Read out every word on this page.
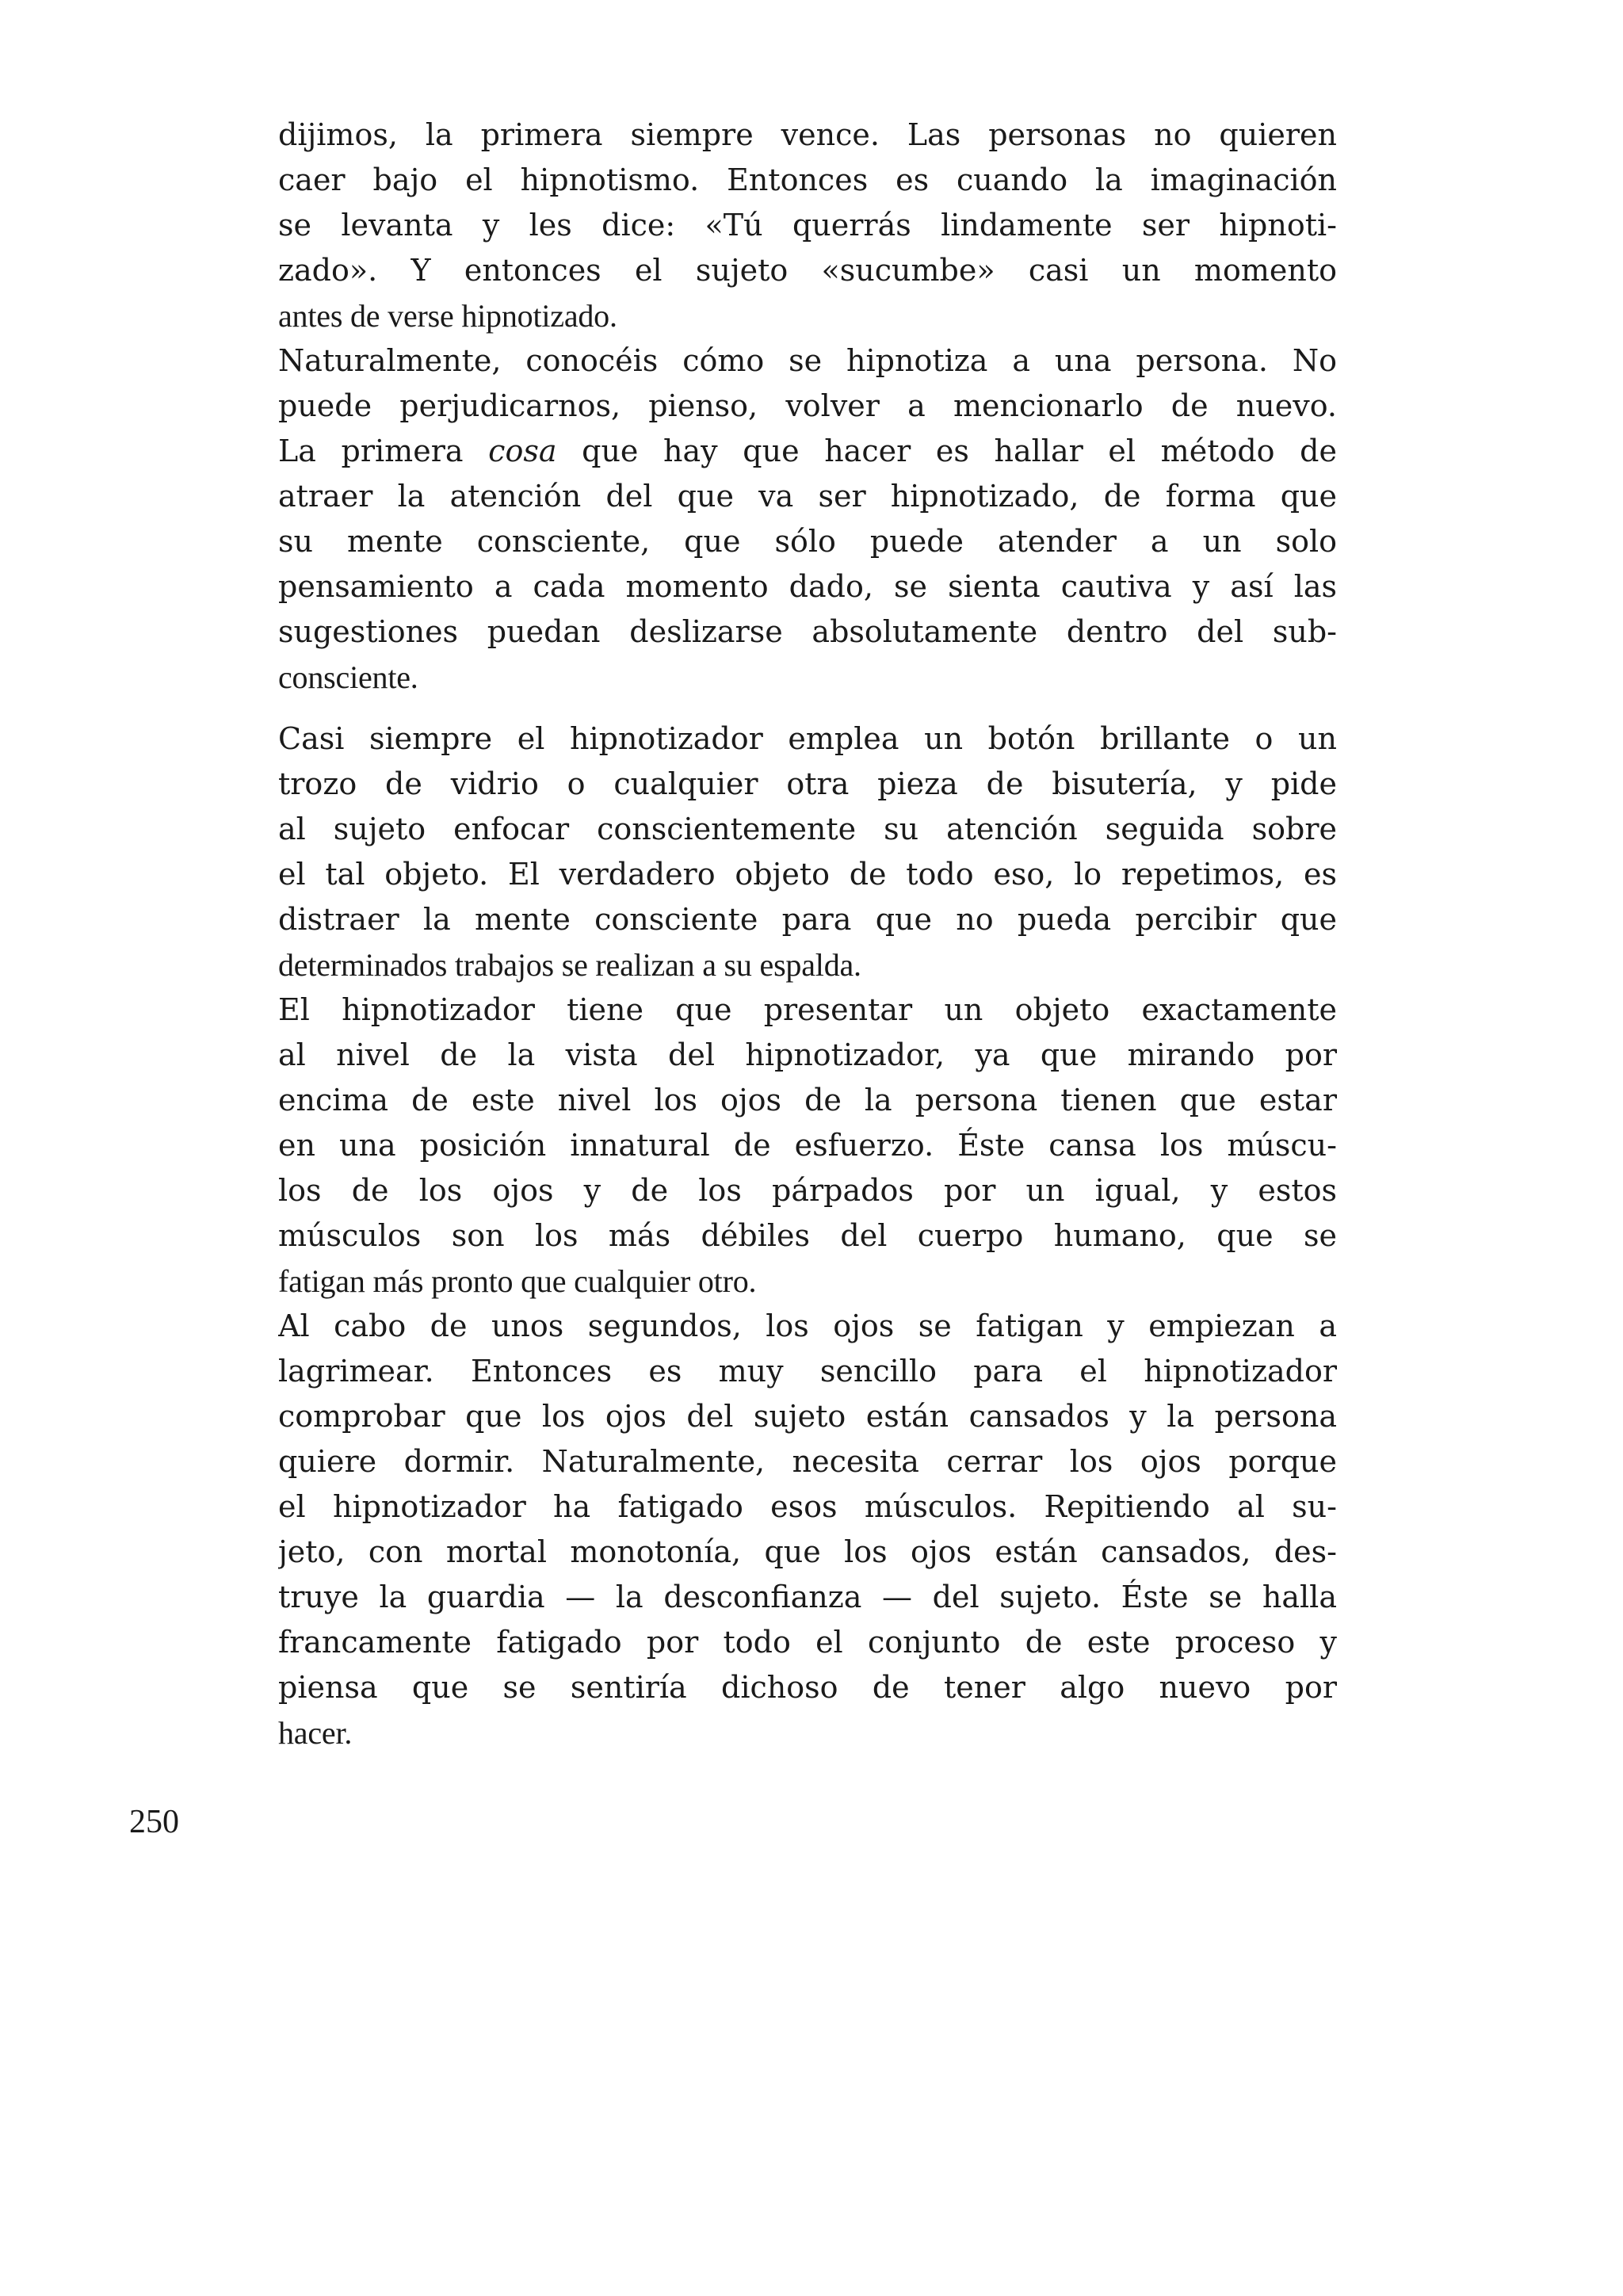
dijimos, la primera siempre vence. Las personas no quieren
caer bajo el hipnotismo. Entonces es cuando la imaginación
se levanta y les dice: «Tú querrás lindamente ser hipnoti-
zado». Y entonces el sujeto «sucumbe» casi un momento
antes de verse hipnotizado.
Naturalmente, conocéis cómo se hipnotiza a una persona. No
puede perjudicarnos, pienso, volver a mencionarlo de nuevo.
La primera cosa que hay que hacer es hallar el método de
atraer la atención del que va ser hipnotizado, de forma que
su mente consciente, que sólo puede atender a un solo
pensamiento a cada momento dado, se sienta cautiva y así las
sugestiones puedan deslizarse absolutamente dentro del sub-
consciente.
Casi siempre el hipnotizador emplea un botón brillante o un
trozo de vidrio o cualquier otra pieza de bisutería, y pide
al sujeto enfocar conscientemente su atención seguida sobre
el tal objeto. El verdadero objeto de todo eso, lo repetimos, es
distraer la mente consciente para que no pueda percibir que
determinados trabajos se realizan a su espalda.
El hipnotizador tiene que presentar un objeto exactamente
al nivel de la vista del hipnotizador, ya que mirando por
encima de este nivel los ojos de la persona tienen que estar
en una posición innatural de esfuerzo. Éste cansa los múscu-
los de los ojos y de los párpados por un igual, y estos
músculos son los más débiles del cuerpo humano, que se
fatigan más pronto que cualquier otro.
Al cabo de unos segundos, los ojos se fatigan y empiezan a
lagrimear. Entonces es muy sencillo para el hipnotizador
comprobar que los ojos del sujeto están cansados y la persona
quiere dormir. Naturalmente, necesita cerrar los ojos porque
el hipnotizador ha fatigado esos músculos. Repitiendo al su-
jeto, con mortal monotonía, que los ojos están cansados, des-
truye la guardia — la desconfianza — del sujeto. Éste se halla
francamente fatigado por todo el conjunto de este proceso y
piensa que se sentiría dichoso de tener algo nuevo por
hacer.
250
